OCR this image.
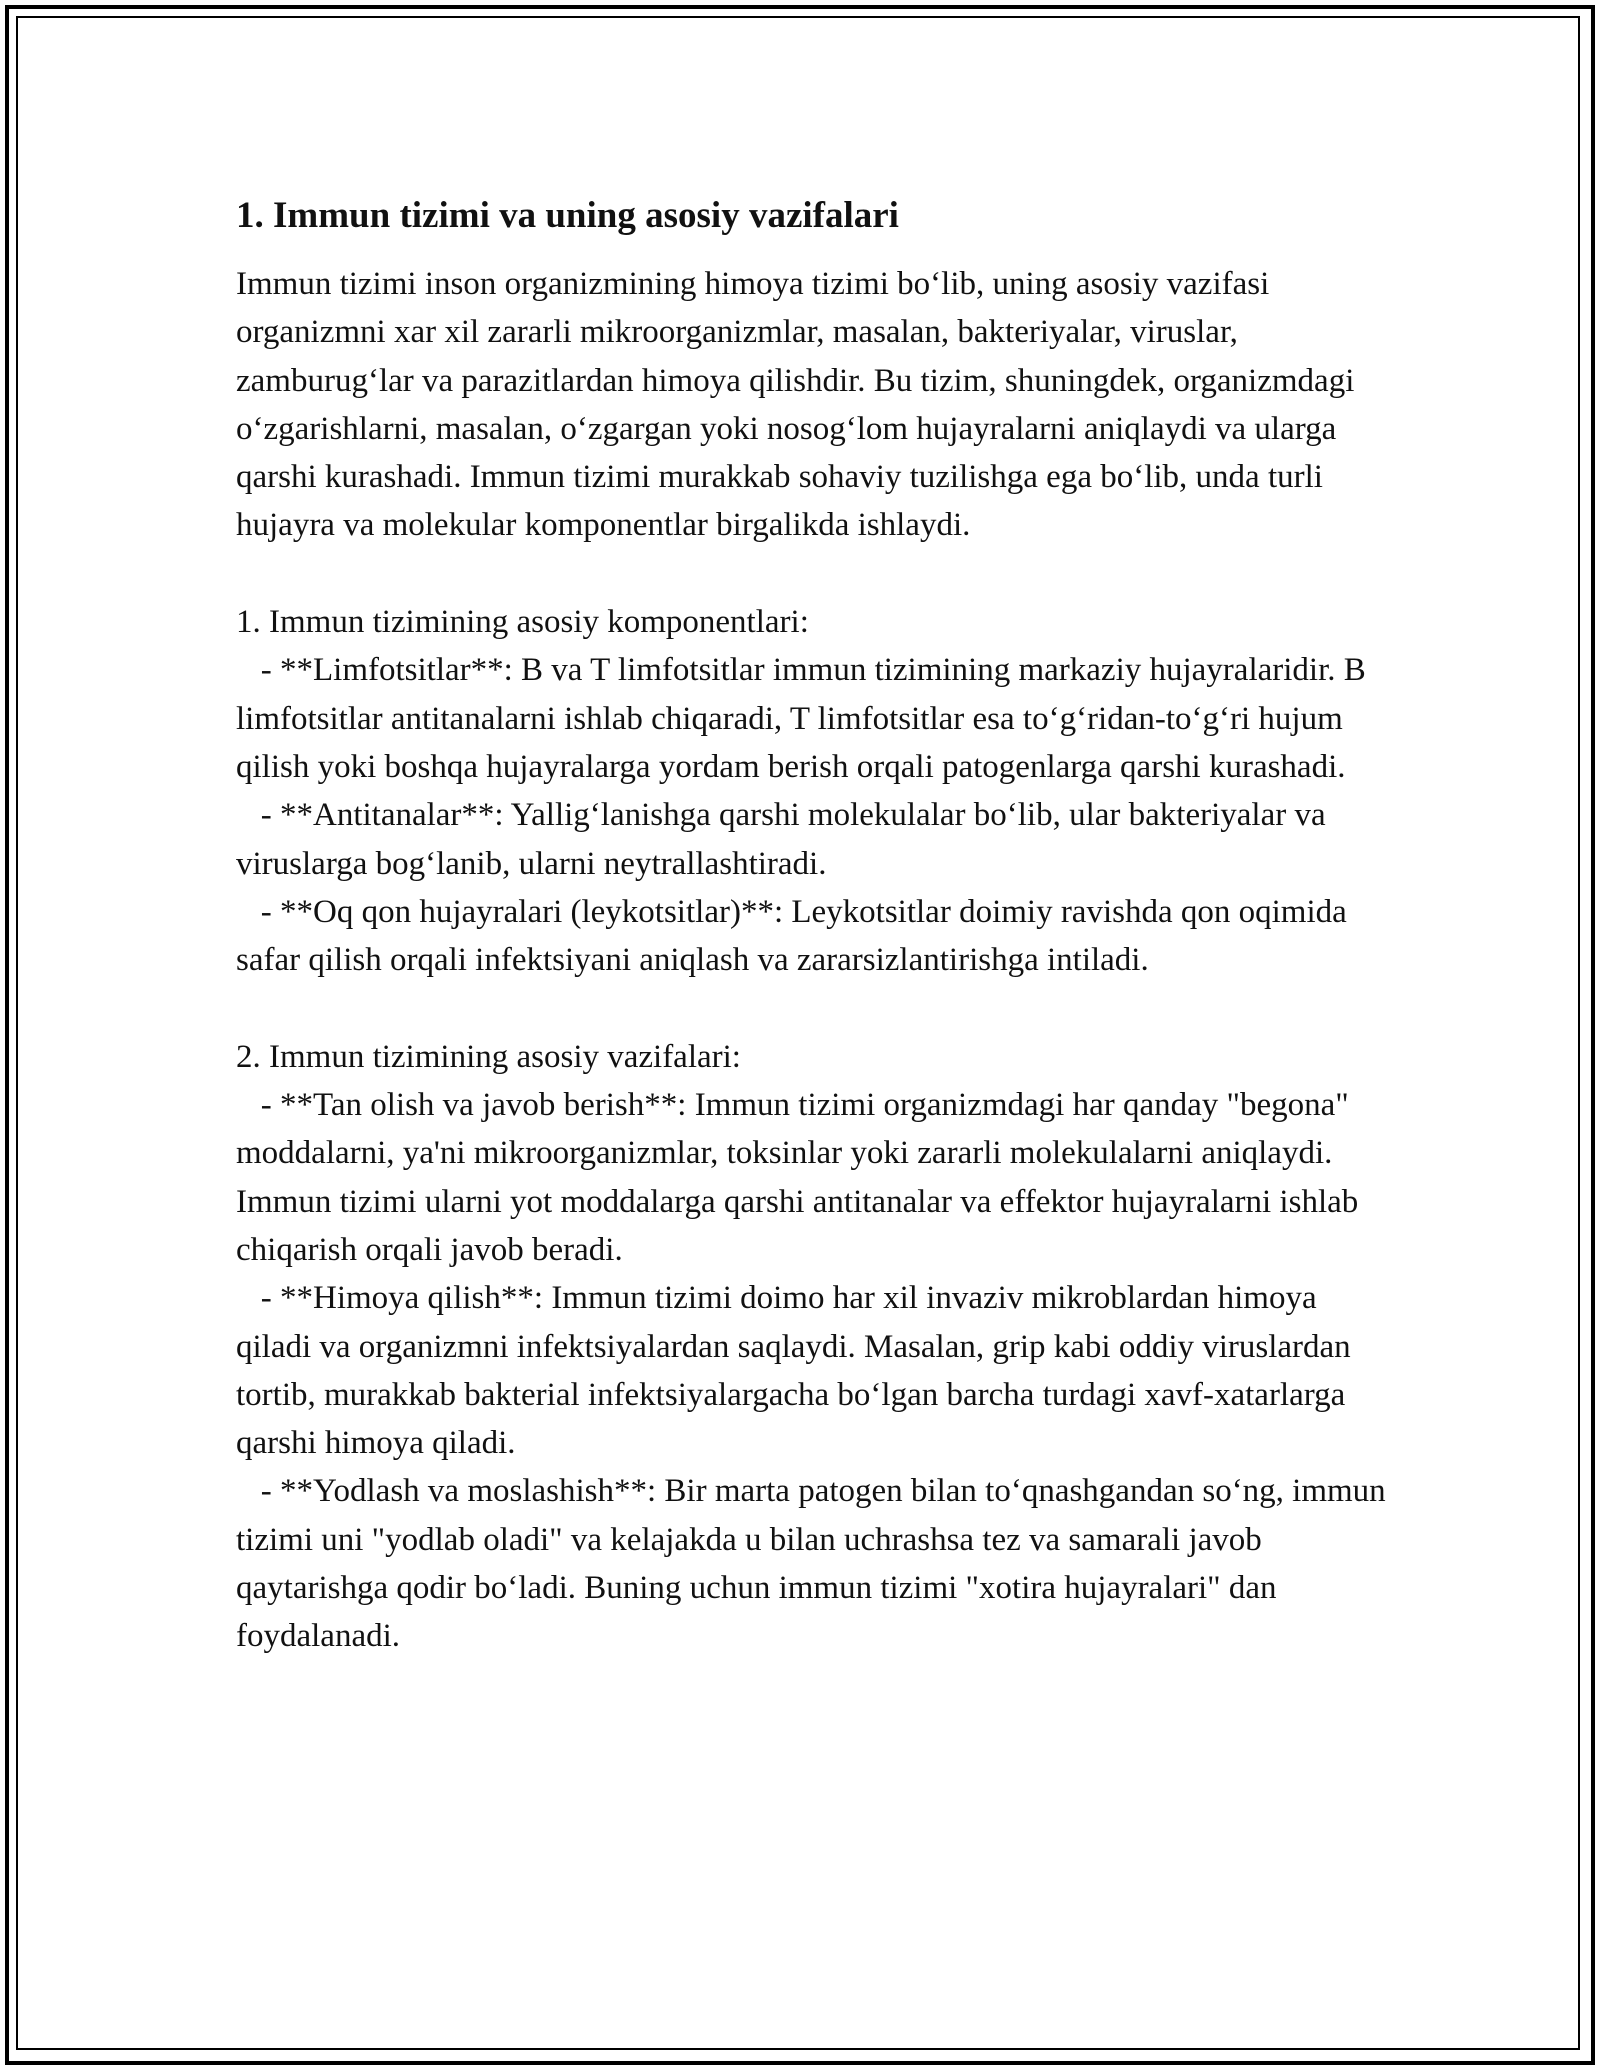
1. Immun tizimi va uning asosiy vazifalari

Immun tizimi inson organizmining himoya tizimi bo‘lib, uning asosiy vazifasi organizmni xar xil zararli mikroorganizmlar, masalan, bakteriyalar, viruslar, zamburug‘lar va parazitlardan himoya qilishdir. Bu tizim, shuningdek, organizmdagi o‘zgarishlarni, masalan, o‘zgargan yoki nosog‘lom hujayralarni aniqlaydi va ularga qarshi kurashadi. Immun tizimi murakkab sohaviy tuzilishga ega bo‘lib, unda turli hujayra va molekular komponentlar birgalikda ishlaydi.

1. Immun tizimining asosiy komponentlari:
- **Limfotsitlar**: B va T limfotsitlar immun tizimining markaziy hujayralaridir. B limfotsitlar antitanalarni ishlab chiqaradi, T limfotsitlar esa to‘g‘ridan-to‘g‘ri hujum qilish yoki boshqa hujayralarga yordam berish orqali patogenlarga qarshi kurashadi.
- **Antitanalar**: Yallig‘lanishga qarshi molekulalar bo‘lib, ular bakteriyalar va viruslarga bog‘lanib, ularni neytrallashtiradi.
- **Oq qon hujayralari (leykotsitlar)**: Leykotsitlar doimiy ravishda qon oqimida safar qilish orqali infektsiyani aniqlash va zararsizlantirishga intiladi.

2. Immun tizimining asosiy vazifalari:
- **Tan olish va javob berish**: Immun tizimi organizmdagi har qanday "begona" moddalarni, ya'ni mikroorganizmlar, toksinlar yoki zararli molekulalarni aniqlaydi. Immun tizimi ularni yot moddalarga qarshi antitanalar va effektor hujayralarni ishlab chiqarish orqali javob beradi.
- **Himoya qilish**: Immun tizimi doimo har xil invaziv mikroblardan himoya qiladi va organizmni infektsiyalardan saqlaydi. Masalan, grip kabi oddiy viruslardan tortib, murakkab bakterial infektsiyalargacha bo‘lgan barcha turdagi xavf-xatarlarga qarshi himoya qiladi.
- **Yodlash va moslashish**: Bir marta patogen bilan to‘qnashgandan so‘ng, immun tizimi uni "yodlab oladi" va kelajakda u bilan uchrashsa tez va samarali javob qaytarishga qodir bo‘ladi. Buning uchun immun tizimi "xotira hujayralari" dan foydalanadi.
